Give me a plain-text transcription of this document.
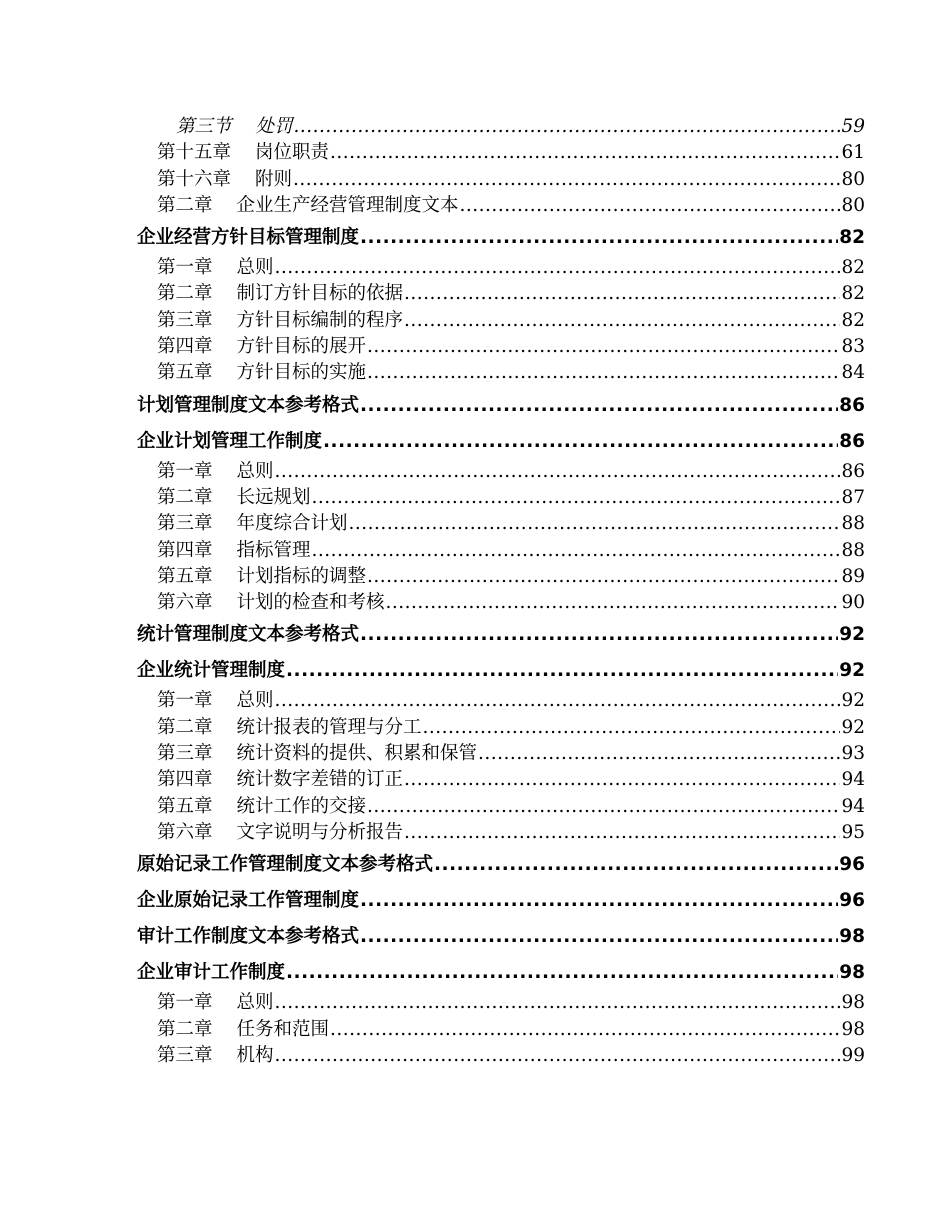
第三节 处罚 .....	59
第十五章 岗位职责 .....	61
第十六章 附则 .....	80
第二章 企业生产经营管理制度文本 .....	80
企业经营方针目标管理制度 .....	82
第一章 总则 .....	82
第二章 制订方针目标的依据 .....	82
第三章 方针目标编制的程序 .....	82
第四章 方针目标的展开 .....	83
第五章 方针目标的实施 .....	84
计划管理制度文本参考格式 .....	86
企业计划管理工作制度 .....	86
第一章 总则 .....	86
第二章 长远规划 .....	87
第三章 年度综合计划 .....	88
第四章 指标管理 .....	88
第五章 计划指标的调整 .....	89
第六章 计划的检查和考核 .....	90
统计管理制度文本参考格式 .....	92
企业统计管理制度 .....	92
第一章 总则 .....	92
第二章 统计报表的管理与分工 .....	92
第三章 统计资料的提供、积累和保管 .....	93
第四章 统计数字差错的订正 .....	94
第五章 统计工作的交接 .....	94
第六章 文字说明与分析报告 .....	95
原始记录工作管理制度文本参考格式 .....	96
企业原始记录工作管理制度 .....	96
审计工作制度文本参考格式 .....	98
企业审计工作制度 .....	98
第一章 总则 .....	98
第二章 任务和范围 .....	98
第三章 机构 .....	99
